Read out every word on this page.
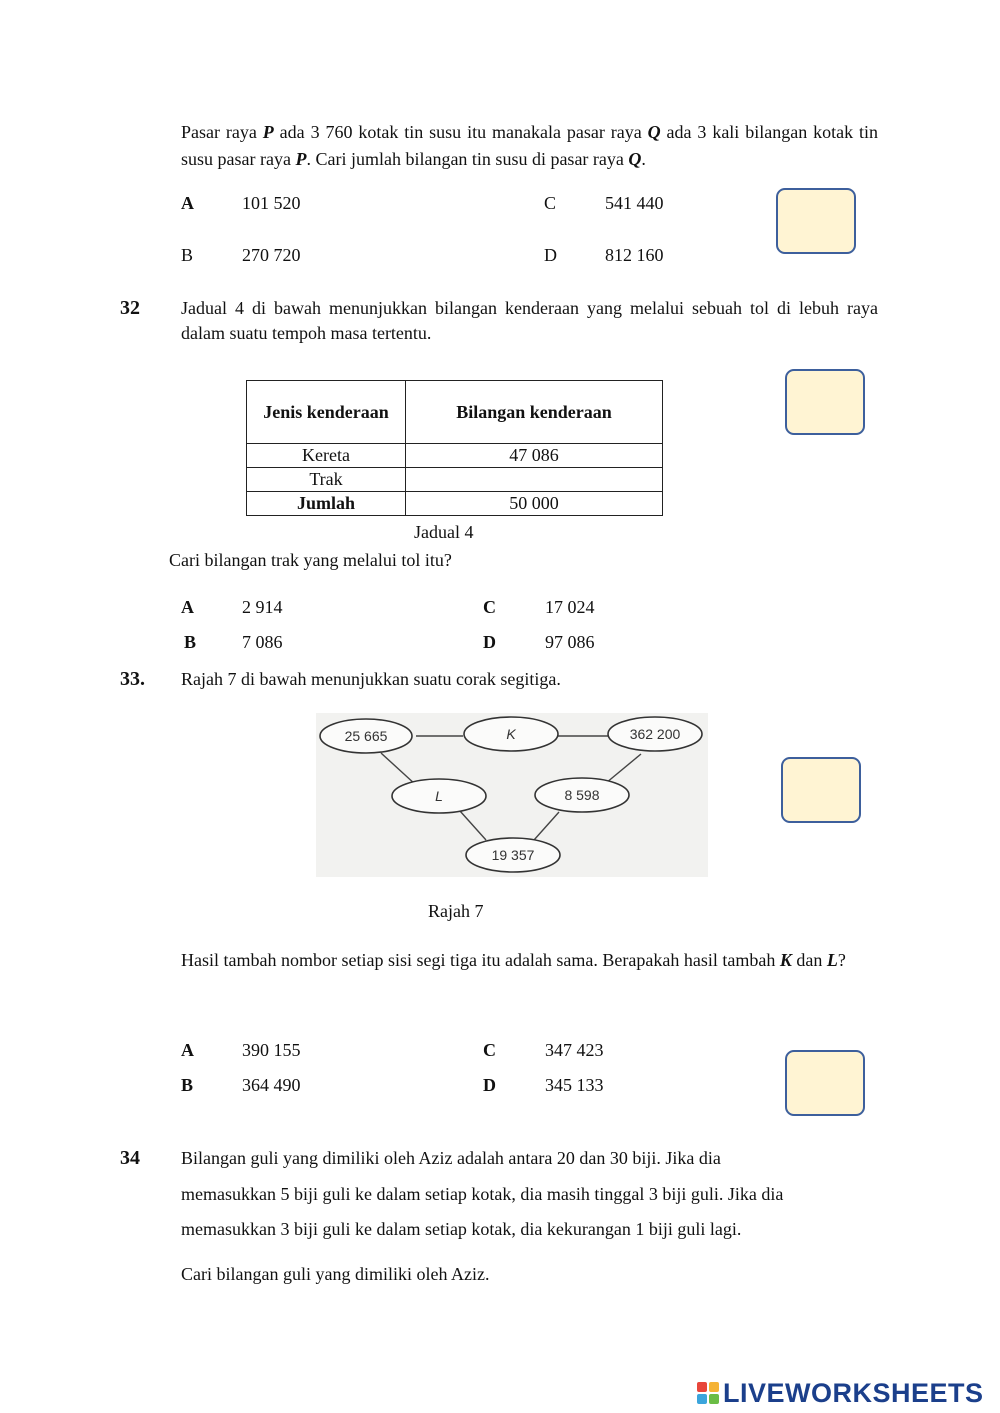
Pasar raya P ada 3 760 kotak tin susu itu manakala pasar raya Q ada 3 kali bilangan kotak tin susu pasar raya P. Cari jumlah bilangan tin susu di pasar raya Q.
A	101 520	C	541 440
B	270 720	D	812 160
32 Jadual 4 di bawah menunjukkan bilangan kenderaan yang melalui sebuah tol di lebuh raya dalam suatu tempoh masa tertentu.
Jenis kenderaan	Bilangan kenderaan
Kereta	47 086
Trak	
Jumlah	50 000
Jadual 4
Cari bilangan trak yang melalui tol itu?
A	2 914	C	17 024
B	7 086	D	97 086
33. Rajah 7 di bawah menunjukkan suatu corak segitiga.
25 665	K	362 200
L	8 598
19 357
Rajah 7
Hasil tambah nombor setiap sisi segi tiga itu adalah sama. Berapakah hasil tambah K dan L?
A	390 155	C	347 423
B	364 490	D	345 133
34 Bilangan guli yang dimiliki oleh Aziz adalah antara 20 dan 30 biji. Jika dia
memasukkan 5 biji guli ke dalam setiap kotak, dia masih tinggal 3 biji guli. Jika dia
memasukkan 3 biji guli ke dalam setiap kotak, dia kekurangan 1 biji guli lagi.
Cari bilangan guli yang dimiliki oleh Aziz.
LIVEWORKSHEETS
